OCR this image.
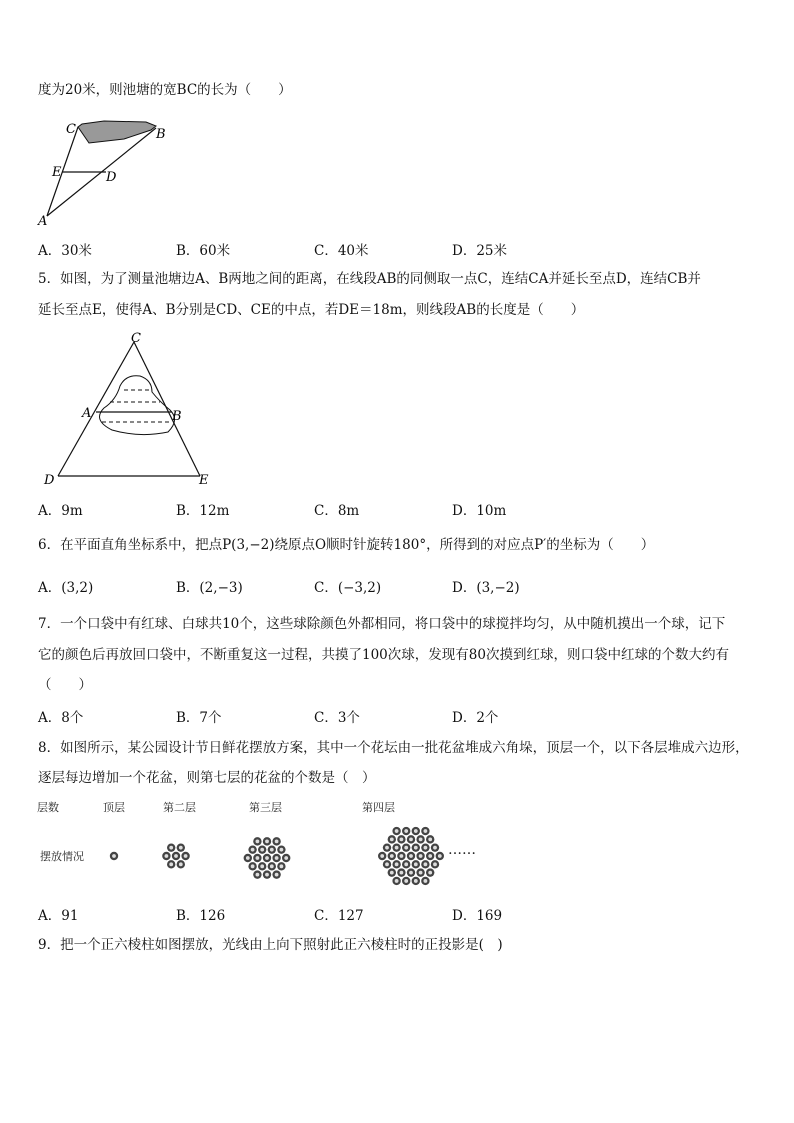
度为20米，则池塘的宽BC的长为（　　）
C	B
E	D
A
A．30米	B．60米	C．40米	D．25米
5．如图，为了测量池塘边A、B两地之间的距离，在线段AB的同侧取一点C，连结CA并延长至点D，连结CB并
延长至点E，使得A、B分别是CD、CE的中点，若DE＝18m，则线段AB的长度是（　　）
C
A	B
D	E
A．9m	B．12m	C．8m	D．10m
6．在平面直角坐标系中，把点P(3,−2)绕原点O顺时针旋转180°，所得到的对应点P′的坐标为（　　）
A．(3,2)	B．(2,−3)	C．(−3,2)	D．(3,−2)
7．一个口袋中有红球、白球共10个，这些球除颜色外都相同，将口袋中的球搅拌均匀，从中随机摸出一个球，记下
它的颜色后再放回口袋中，不断重复这一过程，共摸了100次球，发现有80次摸到红球，则口袋中红球的个数大约有
（　　）
A．8个	B．7个	C．3个	D．2个
8．如图所示，某公园设计节日鲜花摆放方案，其中一个花坛由一批花盆堆成六角垛，顶层一个，以下各层堆成六边形，
逐层每边增加一个花盆，则第七层的花盆的个数是（　）
层数	顶层	第二层	第三层	第四层
摆放情况	……
A．91	B．126	C．127	D．169
9．把一个正六棱柱如图摆放，光线由上向下照射此正六棱柱时的正投影是(　)
